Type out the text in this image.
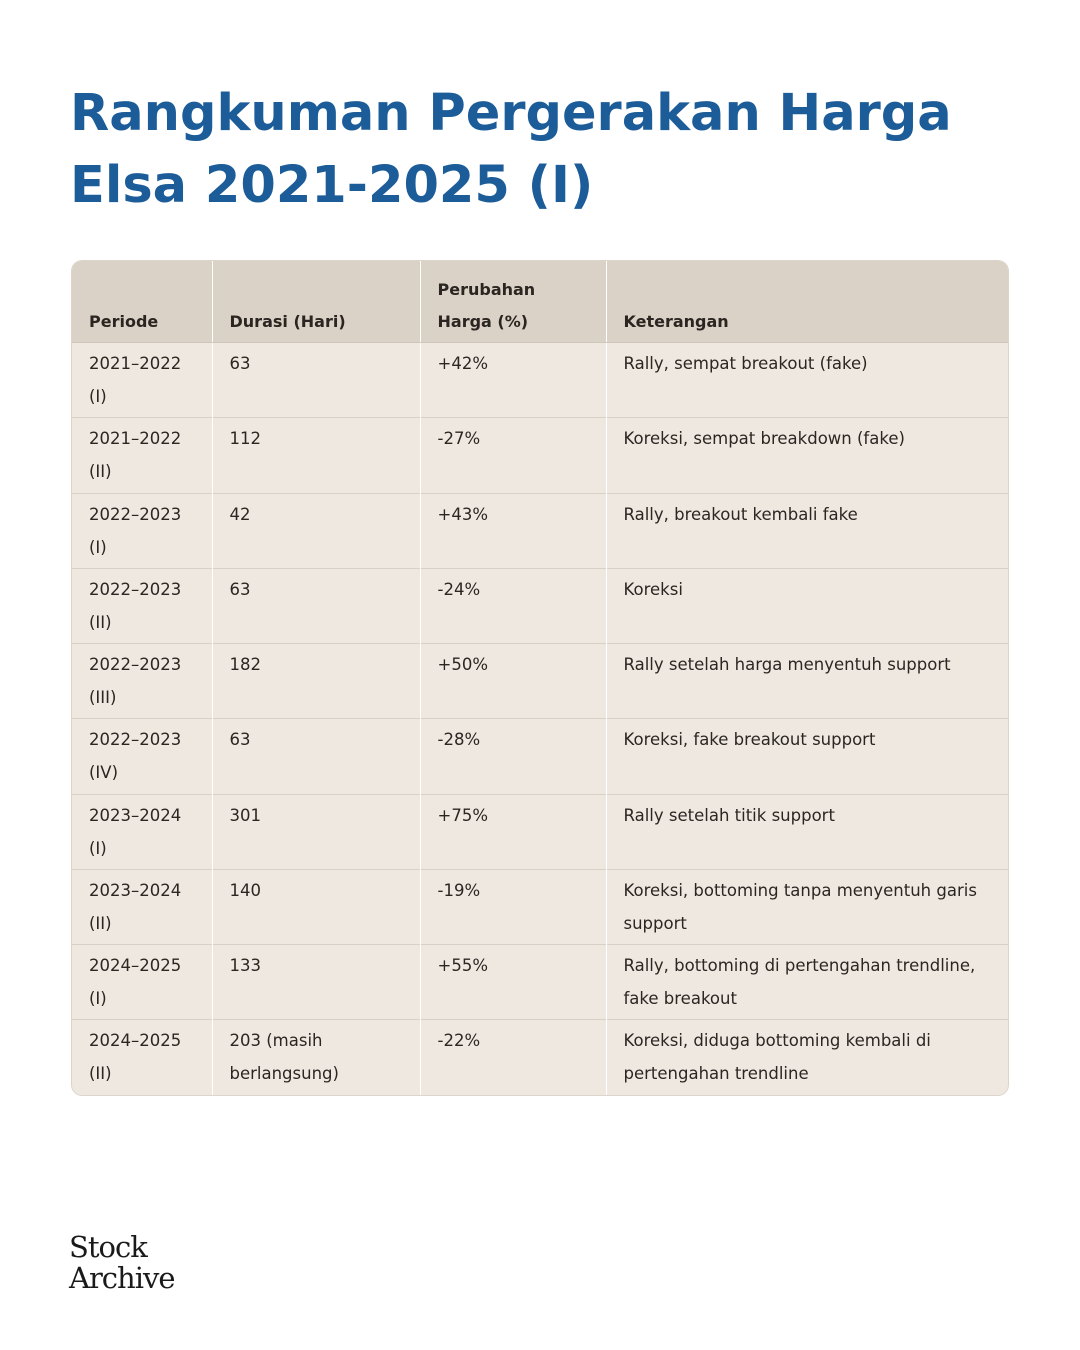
Rangkuman Pergerakan Harga
Elsa 2021-2025 (I)
Periode	Durasi (Hari)	Perubahan Harga (%)	Keterangan
2021–2022 (I)	63	+42%	Rally, sempat breakout (fake)
2021–2022 (II)	112	-27%	Koreksi, sempat breakdown (fake)
2022–2023 (I)	42	+43%	Rally, breakout kembali fake
2022–2023 (II)	63	-24%	Koreksi
2022–2023 (III)	182	+50%	Rally setelah harga menyentuh support
2022–2023 (IV)	63	-28%	Koreksi, fake breakout support
2023–2024 (I)	301	+75%	Rally setelah titik support
2023–2024 (II)	140	-19%	Koreksi, bottoming tanpa menyentuh garis support
2024–2025 (I)	133	+55%	Rally, bottoming di pertengahan trendline, fake breakout
2024–2025 (II)	203 (masih berlangsung)	-22%	Koreksi, diduga bottoming kembali di pertengahan trendline
Stock
Archive
